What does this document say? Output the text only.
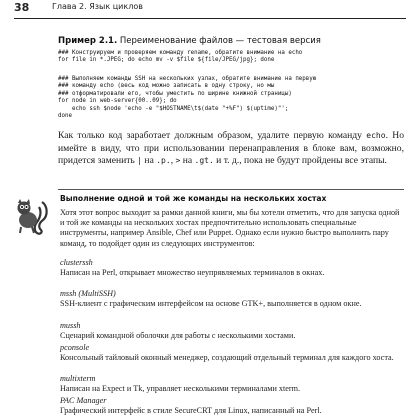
38	Глава 2. Язык циклов
Пример 2.1. Переименование файлов — тестовая версия
### Конструируем и проверяем команду rename, обратите внимание на echo
for file in *.JPEG; do echo mv -v $file ${file/JPEG/jpg}; done
### Выполняем команды SSH на нескольких узлах, обратите внимание на первую
### команду echo (весь код можно записать в одну строку, но мы
### отформатировали его, чтобы уместить по ширине книжной страницы)
for node in web-server{00..09}; do
echo ssh $node 'echo -e "$HOSTNAME\t$(date "+%F") $(uptime)"';
done
Как только код заработает должным образом, удалите первую команду echo. Но имейте в виду, что при использовании перенаправления в блоке вам, возможно, придется заменить | на .p., > на .gt. и т. д., пока не будут пройдены все этапы.
Выполнение одной и той же команды на нескольких хостах
Хотя этот вопрос выходит за рамки данной книги, мы бы хотели отметить, что для запуска одной и той же команды на нескольких хостах предпочтительно использовать специальные инструменты, например Ansible, Chef или Puppet. Однако если нужно быстро выполнить пару команд, то подойдет один из следующих инструментов:
clusterssh
Написан на Perl, открывает множество неупрявляемых терминалов в окнах.
mssh (MultiSSH)
SSH-клиент с графическим интерфейсом на основе GTK+, выполняется в одном окне.
mussh
Сценарий командной оболочки для работы с несколькими хостами.
pconsole
Консольный тайловый оконный менеджер, создающий отдельный терминал для каждого хоста.
multixterm
Написан на Expect и Tk, управляет несколькими терминалами xterm.
PAC Manager
Графический интерфейс в стиле SecureCRT для Linux, написанный на Perl.
